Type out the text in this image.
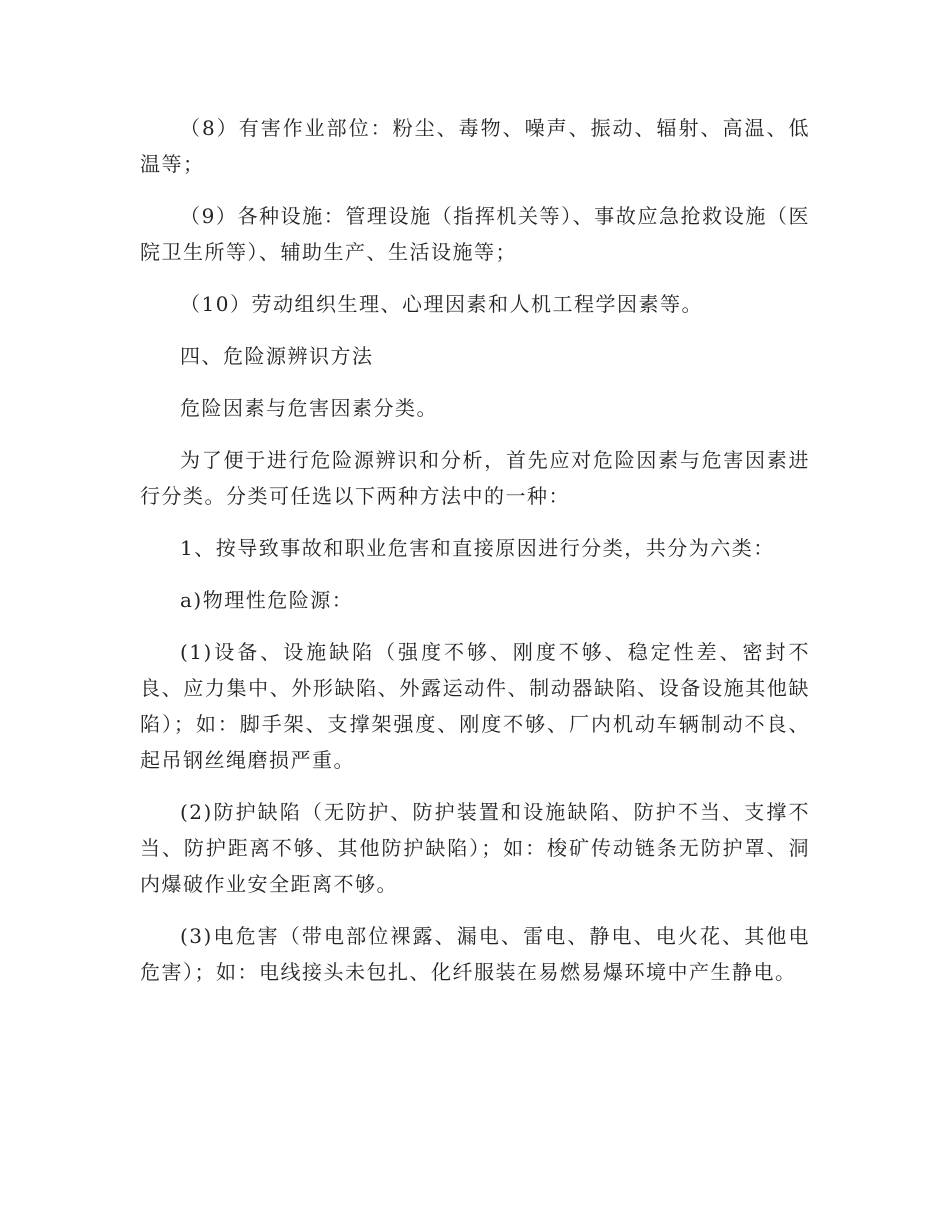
（8）有害作业部位：粉尘、毒物、噪声、振动、辐射、高温、低温等；

（9）各种设施：管理设施（指挥机关等）、事故应急抢救设施（医院卫生所等）、辅助生产、生活设施等；

（10）劳动组织生理、心理因素和人机工程学因素等。

四、危险源辨识方法

危险因素与危害因素分类。

为了便于进行危险源辨识和分析，首先应对危险因素与危害因素进行分类。分类可任选以下两种方法中的一种：

1、按导致事故和职业危害和直接原因进行分类，共分为六类：

a)物理性危险源：

(1)设备、设施缺陷（强度不够、刚度不够、稳定性差、密封不良、应力集中、外形缺陷、外露运动件、制动器缺陷、设备设施其他缺陷）；如：脚手架、支撑架强度、刚度不够、厂内机动车辆制动不良、起吊钢丝绳磨损严重。

(2)防护缺陷（无防护、防护装置和设施缺陷、防护不当、支撑不当、防护距离不够、其他防护缺陷）；如：梭矿传动链条无防护罩、洞内爆破作业安全距离不够。

(3)电危害（带电部位裸露、漏电、雷电、静电、电火花、其他电危害）；如：电线接头未包扎、化纤服装在易燃易爆环境中产生静电。
